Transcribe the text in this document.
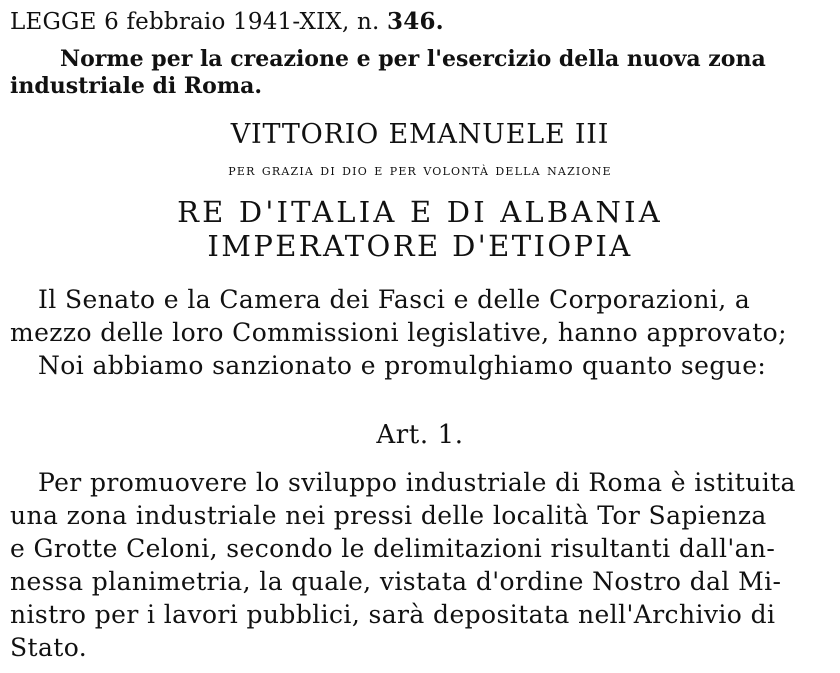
LEGGE 6 febbraio 1941-XIX, n. 346.

Norme per la creazione e per l'esercizio della nuova zona

industriale di Roma.

VITTORIO EMANUELE III

per grazia di dio e per volontà della nazione

RE D'ITALIA E DI ALBANIA

IMPERATORE D'ETIOPIA

Il Senato e la Camera dei Fasci e delle Corporazioni, a

mezzo delle loro Commissioni legislative, hanno approvato;

Noi abbiamo sanzionato e promulghiamo quanto segue:

Art. 1.

Per promuovere lo sviluppo industriale di Roma è istituita

una zona industriale nei pressi delle località Tor Sapienza

e Grotte Celoni, secondo le delimitazioni risultanti dall'an-

nessa planimetria, la quale, vistata d'ordine Nostro dal Mi-

nistro per i lavori pubblici, sarà depositata nell'Archivio di

Stato.
